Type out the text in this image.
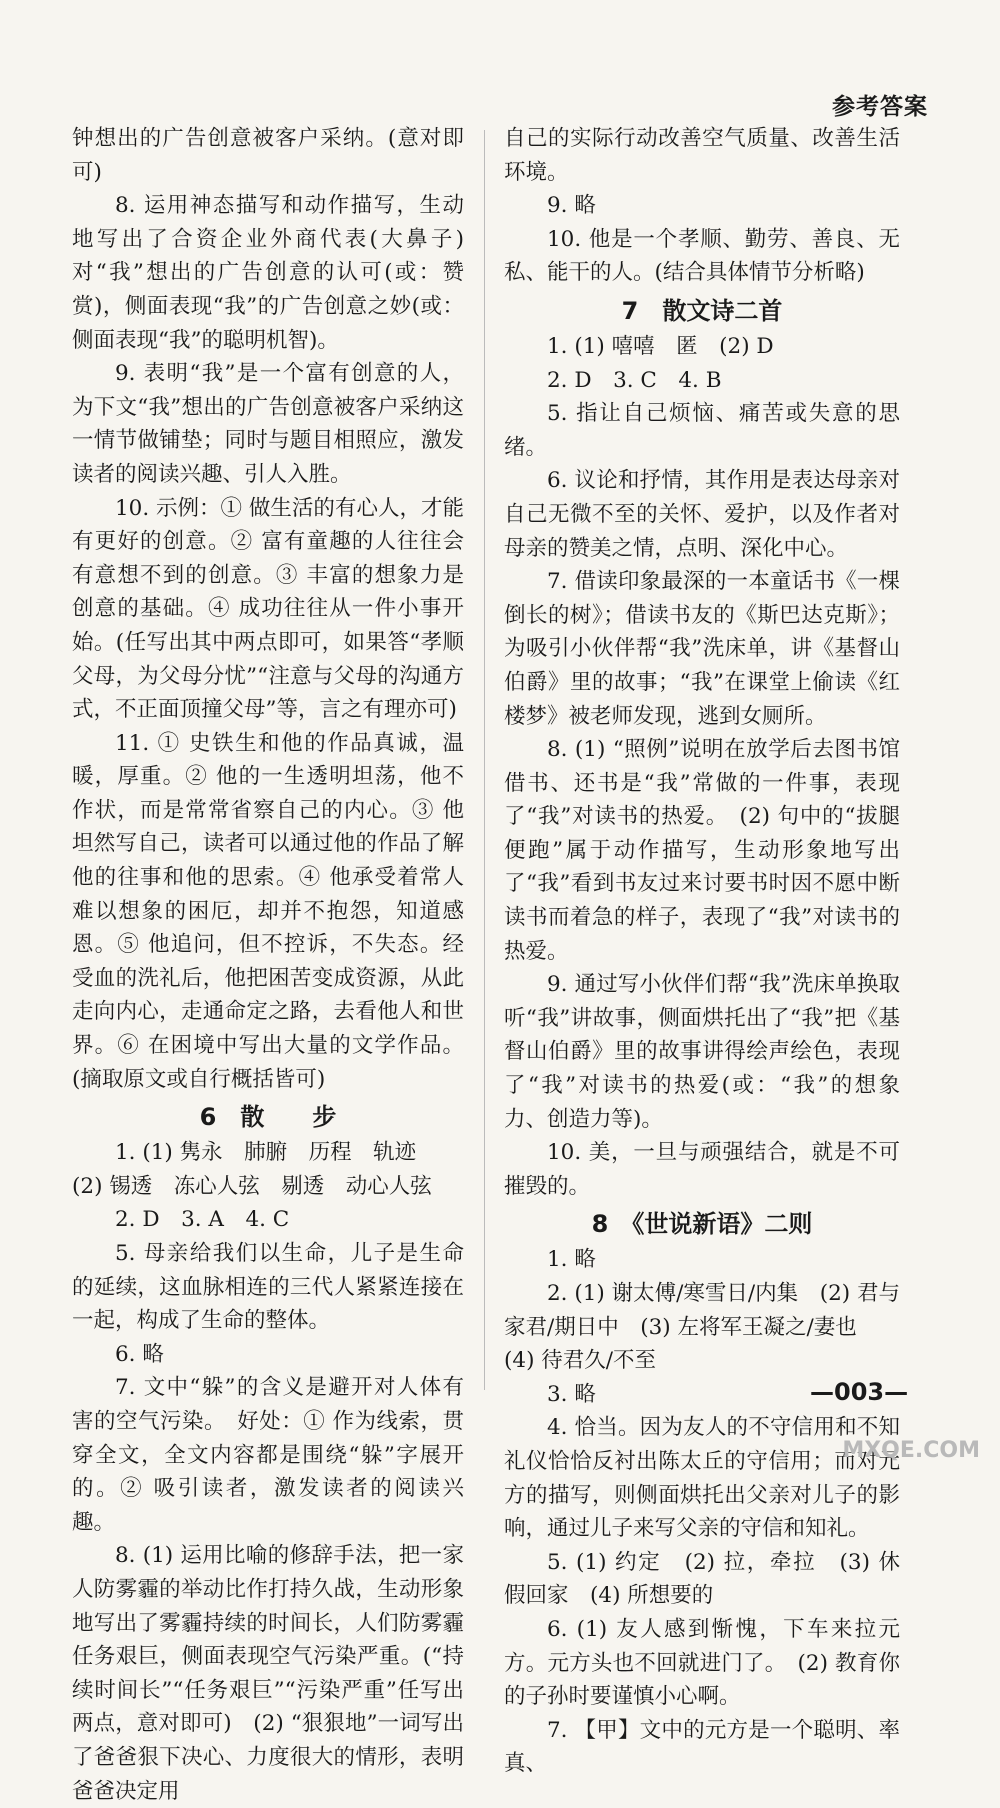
参考答案

钟想出的广告创意被客户采纳。(意对即可)

8. 运用神态描写和动作描写，生动地写出了合资企业外商代表(大鼻子)对“我”想出的广告创意的认可(或：赞赏)，侧面表现“我”的广告创意之妙(或：侧面表现“我”的聪明机智)。

9. 表明“我”是一个富有创意的人，为下文“我”想出的广告创意被客户采纳这一情节做铺垫；同时与题目相照应，激发读者的阅读兴趣、引人入胜。

10. 示例：① 做生活的有心人，才能有更好的创意。② 富有童趣的人往往会有意想不到的创意。③ 丰富的想象力是创意的基础。④ 成功往往从一件小事开始。(任写出其中两点即可，如果答“孝顺父母，为父母分忧”“注意与父母的沟通方式，不正面顶撞父母”等，言之有理亦可)

11. ① 史铁生和他的作品真诚，温暖，厚重。② 他的一生透明坦荡，他不作状，而是常常省察自己的内心。③ 他坦然写自己，读者可以通过他的作品了解他的往事和他的思索。④ 他承受着常人难以想象的困厄，却并不抱怨，知道感恩。⑤ 他追问，但不控诉，不失态。经受血的洗礼后，他把困苦变成资源，从此走向内心，走通命定之路，去看他人和世界。⑥ 在困境中写出大量的文学作品。(摘取原文或自行概括皆可)

6　散　　步

1. (1) 隽永　肺腑　历程　轨迹

(2) 锡透　冻心人弦　剔透　动心人弦

2. D　3. A　4. C

5. 母亲给我们以生命，儿子是生命的延续，这血脉相连的三代人紧紧连接在一起，构成了生命的整体。

6. 略

7. 文中“躲”的含义是避开对人体有害的空气污染。　好处：① 作为线索，贯穿全文，全文内容都是围绕“躲”字展开的。② 吸引读者，激发读者的阅读兴趣。

8. (1) 运用比喻的修辞手法，把一家人防雾霾的举动比作打持久战，生动形象地写出了雾霾持续的时间长，人们防雾霾任务艰巨，侧面表现空气污染严重。(“持续时间长”“任务艰巨”“污染严重”任写出两点，意对即可)　(2) “狠狠地”一词写出了爸爸狠下决心、力度很大的情形，表明爸爸决定用

自己的实际行动改善空气质量、改善生活环境。

9. 略

10. 他是一个孝顺、勤劳、善良、无私、能干的人。(结合具体情节分析略)

7　散文诗二首

1. (1) 嘻嘻　匿　(2) D

2. D　3. C　4. B

5. 指让自己烦恼、痛苦或失意的思绪。

6. 议论和抒情，其作用是表达母亲对自己无微不至的关怀、爱护，以及作者对母亲的赞美之情，点明、深化中心。

7. 借读印象最深的一本童话书《一棵倒长的树》；借读书友的《斯巴达克斯》；为吸引小伙伴帮“我”洗床单，讲《基督山伯爵》里的故事；“我”在课堂上偷读《红楼梦》被老师发现，逃到女厕所。

8. (1) “照例”说明在放学后去图书馆借书、还书是“我”常做的一件事，表现了“我”对读书的热爱。　(2) 句中的“拔腿便跑”属于动作描写，生动形象地写出了“我”看到书友过来讨要书时因不愿中断读书而着急的样子，表现了“我”对读书的热爱。

9. 通过写小伙伴们帮“我”洗床单换取听“我”讲故事，侧面烘托出了“我”把《基督山伯爵》里的故事讲得绘声绘色，表现了“我”对读书的热爱(或：“我”的想象力、创造力等)。

10. 美，一旦与顽强结合，就是不可摧毁的。

8　《世说新语》二则

1. 略

2. (1) 谢太傅/寒雪日/内集　(2) 君与家君/期日中　(3) 左将军王凝之/妻也

(4) 待君久/不至

3. 略

4. 恰当。因为友人的不守信用和不知礼仪恰恰反衬出陈太丘的守信用；而对元方的描写，则侧面烘托出父亲对儿子的影响，通过儿子来写父亲的守信和知礼。

5. (1) 约定　(2) 拉，牵拉　(3) 休假回家　(4) 所想要的

6. (1) 友人感到惭愧，下车来拉元方。元方头也不回就进门了。　(2) 教育你的子孙时要谨慎小心啊。

7. 【甲】文中的元方是一个聪明、率真、

—003—
MXQE.COM
